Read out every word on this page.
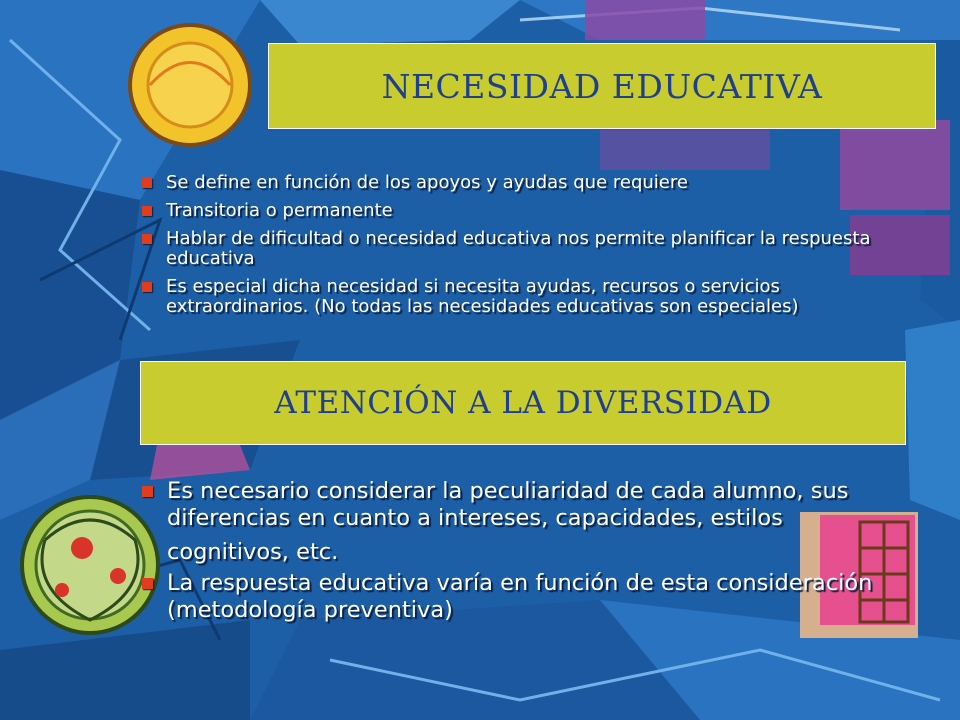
NECESIDAD EDUCATIVA
Se define en función de los apoyos y ayudas que requiere
Transitoria o permanente
Hablar de dificultad o necesidad educativa nos permite planificar la respuesta educativa
Es especial dicha necesidad si necesita ayudas, recursos o servicios extraordinarios. (No todas las necesidades educativas son especiales)
ATENCIÓN A LA DIVERSIDAD
Es necesario considerar la peculiaridad de cada alumno, sus diferencias en cuanto a intereses, capacidades, estilos
cognitivos, etc.
La respuesta educativa varía en función de esta consideración (metodología preventiva)
